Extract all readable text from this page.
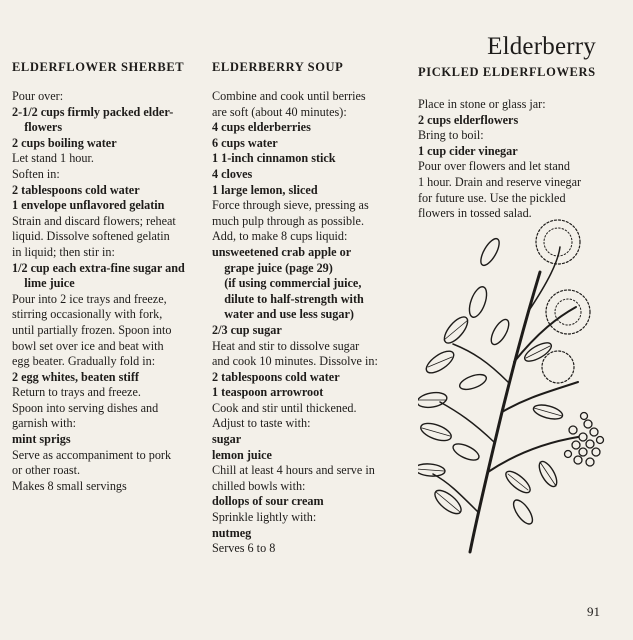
Elderberry
ELDERFLOWER SHERBET
Pour over:
2-1/2 cups firmly packed elder-
flowers
2 cups boiling water
Let stand 1 hour.
Soften in:
2 tablespoons cold water
1 envelope unflavored gelatin
Strain and discard flowers; reheat
liquid. Dissolve softened gelatin
in liquid; then stir in:
1/2 cup each extra-fine sugar and
lime juice
Pour into 2 ice trays and freeze,
stirring occasionally with fork,
until partially frozen. Spoon into
bowl set over ice and beat with
egg beater. Gradually fold in:
2 egg whites, beaten stiff
Return to trays and freeze.
Spoon into serving dishes and
garnish with:
mint sprigs
Serve as accompaniment to pork
or other roast.
Makes 8 small servings
ELDERBERRY SOUP
Combine and cook until berries
are soft (about 40 minutes):
4 cups elderberries
6 cups water
1 1-inch cinnamon stick
4 cloves
1 large lemon, sliced
Force through sieve, pressing as
much pulp through as possible.
Add, to make 8 cups liquid:
unsweetened crab apple or
grape juice (page 29)
(if using commercial juice,
dilute to half-strength with
water and use less sugar)
2/3 cup sugar
Heat and stir to dissolve sugar
and cook 10 minutes. Dissolve in:
2 tablespoons cold water
1 teaspoon arrowroot
Cook and stir until thickened.
Adjust to taste with:
sugar
lemon juice
Chill at least 4 hours and serve in
chilled bowls with:
dollops of sour cream
Sprinkle lightly with:
nutmeg
Serves 6 to 8
PICKLED ELDERFLOWERS
Place in stone or glass jar:
2 cups elderflowers
Bring to boil:
1 cup cider vinegar
Pour over flowers and let stand
1 hour. Drain and reserve vinegar
for future use. Use the pickled
flowers in tossed salad.
91
